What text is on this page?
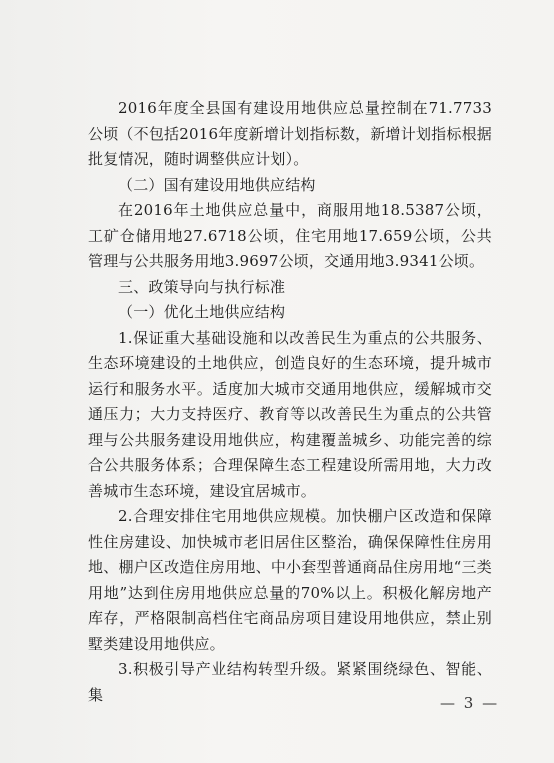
2016年度全县国有建设用地供应总量控制在71.7733公顷（不包括2016年度新增计划指标数，新增计划指标根据批复情况，随时调整供应计划）。

（二）国有建设用地供应结构

在2016年土地供应总量中，商服用地18.5387公顷，工矿仓储用地27.6718公顷，住宅用地17.659公顷，公共管理与公共服务用地3.9697公顷，交通用地3.9341公顷。

三、政策导向与执行标准

（一）优化土地供应结构

1.保证重大基础设施和以改善民生为重点的公共服务、生态环境建设的土地供应，创造良好的生态环境，提升城市运行和服务水平。适度加大城市交通用地供应，缓解城市交通压力；大力支持医疗、教育等以改善民生为重点的公共管理与公共服务建设用地供应，构建覆盖城乡、功能完善的综合公共服务体系；合理保障生态工程建设所需用地，大力改善城市生态环境，建设宜居城市。

2.合理安排住宅用地供应规模。加快棚户区改造和保障性住房建设、加快城市老旧居住区整治，确保保障性住房用地、棚户区改造住房用地、中小套型普通商品住房用地“三类用地”达到住房用地供应总量的70%以上。积极化解房地产库存，严格限制高档住宅商品房项目建设用地供应，禁止别墅类建设用地供应。

3.积极引导产业结构转型升级。紧紧围绕绿色、智能、集	— 3 —
